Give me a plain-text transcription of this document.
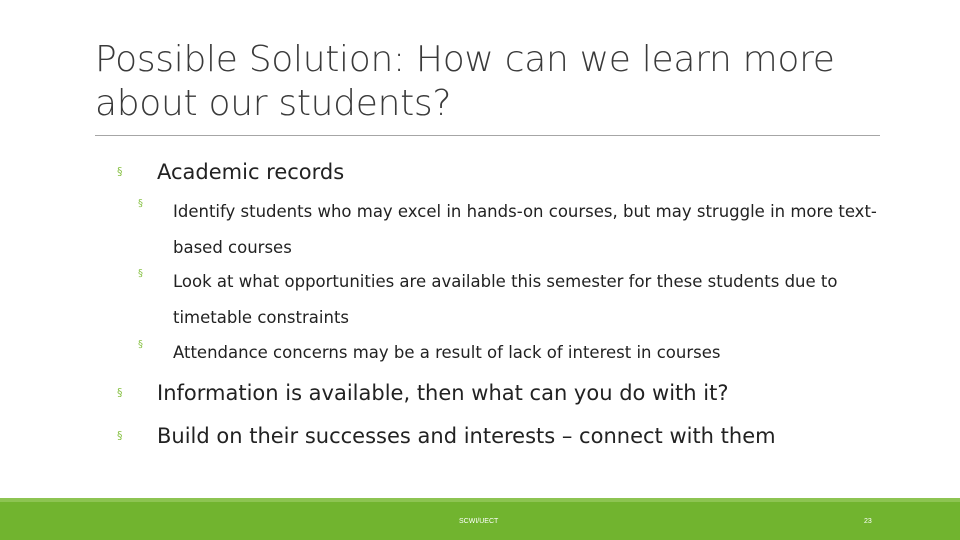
Possible Solution: How can we learn more about our students?
§ Academic records
§ Identify students who may excel in hands-on courses, but may struggle in more text-based courses
§ Look at what opportunities are available this semester for these students due to timetable constraints
§ Attendance concerns may be a result of lack of interest in courses
§ Information is available, then what can you do with it?
§ Build on their successes and interests – connect with them
SCWI/UECT	23
